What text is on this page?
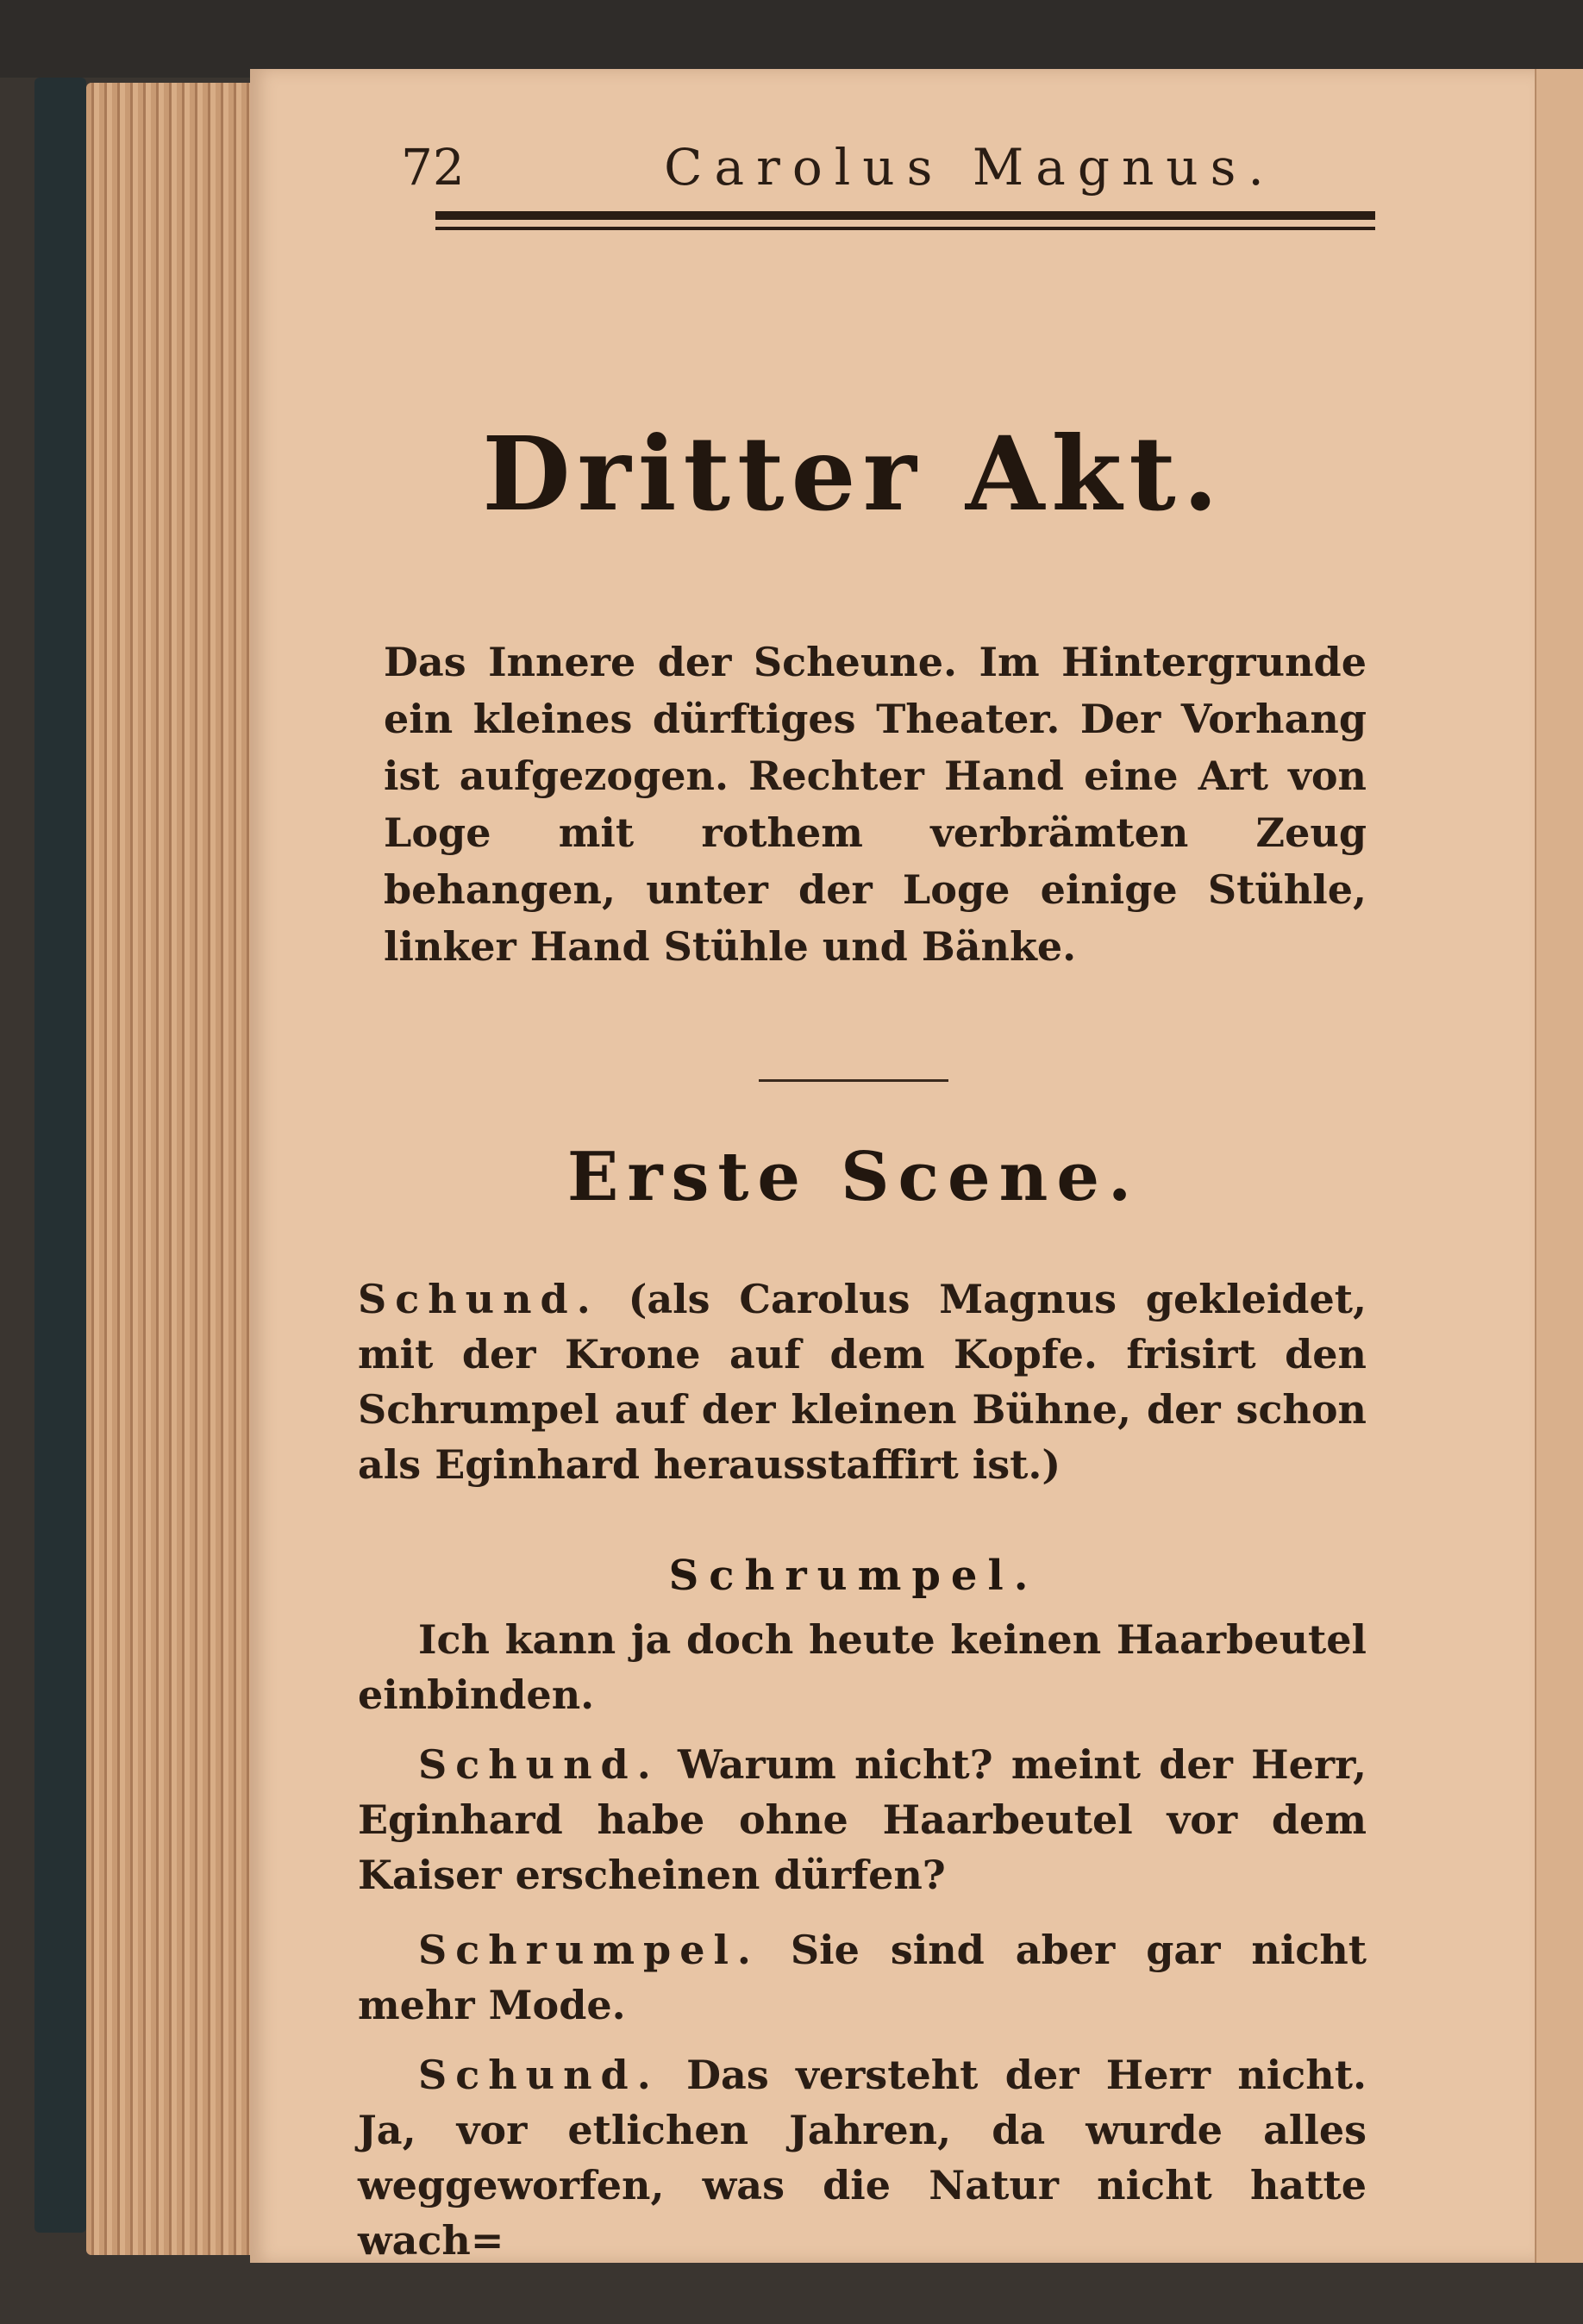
72	Carolus Magnus.
Dritter Akt.
Das Innere der Scheune. Im Hintergrunde ein kleines dürftiges Theater. Der Vorhang ist aufgezogen. Rechter Hand eine Art von Loge mit rothem verbrämten Zeug behangen, unter der Loge einige Stühle, linker Hand Stühle und Bänke.
Erste Scene.
Schund. (als Carolus Magnus gekleidet, mit der Krone auf dem Kopfe. frisirt den Schrumpel auf der kleinen Bühne, der schon als Eginhard herausstaffirt ist.)
Schrumpel.
Ich kann ja doch heute keinen Haarbeutel einbinden.
Schund. Warum nicht? meint der Herr, Eginhard habe ohne Haarbeutel vor dem Kaiser erscheinen dürfen?
Schrumpel. Sie sind aber gar nicht mehr Mode.
Schund. Das versteht der Herr nicht. Ja, vor etlichen Jahren, da wurde alles weggeworfen, was die Natur nicht hatte wach=
